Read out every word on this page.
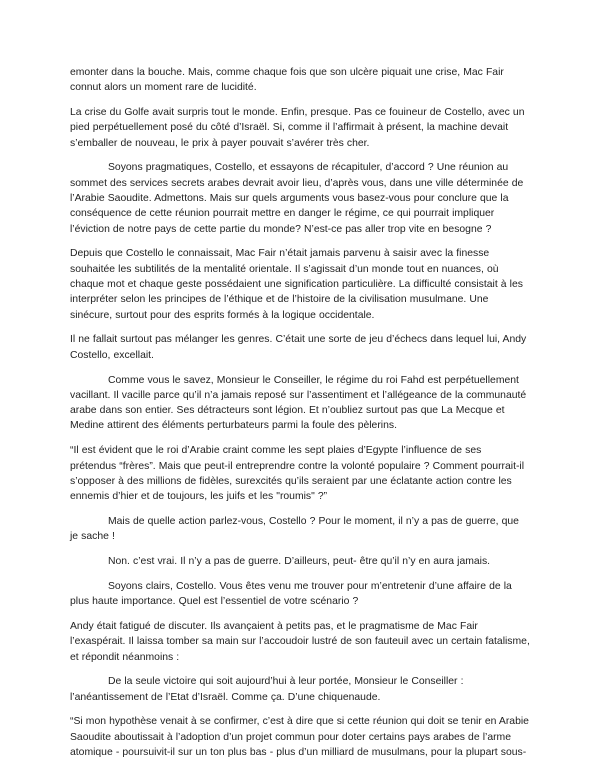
emonter dans la bouche. Mais, comme chaque fois que son ulcère piquait une crise, Mac Fair connut alors un moment rare de lucidité.

La crise du Golfe avait surpris tout le monde. Enfin, presque. Pas ce fouineur de Costello, avec un pied perpétuellement posé du côté d’Israël. Si, comme il l’affirmait à présent, la machine devait s’emballer de nouveau, le prix à payer pouvait s’avérer très cher.

Soyons pragmatiques, Costello, et essayons de récapituler, d’accord ? Une réunion au sommet des services secrets arabes devrait avoir lieu, d’après vous, dans une ville déterminée de l’Arabie Saoudite. Admettons. Mais sur quels arguments vous basez-vous pour conclure que la conséquence de cette réunion pourrait mettre en danger le régime, ce qui pourrait impliquer l’éviction de notre pays de cette partie du monde? N’est-ce pas aller trop vite en besogne ?

Depuis que Costello le connaissait, Mac Fair n’était jamais parvenu à saisir avec la finesse souhaitée les subtilités de la mentalité orientale. Il s’agissait d’un monde tout en nuances, où chaque mot et chaque geste possédaient une signification particulière. La difficulté consistait à les interpréter selon les principes de l’éthique et de l’histoire de la civilisation musulmane. Une sinécure, surtout pour des esprits formés à la logique occidentale.

Il ne fallait surtout pas mélanger les genres. C’était une sorte de jeu d’échecs dans lequel lui, Andy Costello, excellait.

Comme vous le savez, Monsieur le Conseiller, le régime du roi Fahd est perpétuellement vacillant. Il vacille parce qu’il n’a jamais reposé sur l’assentiment et l’allégeance de la communauté arabe dans son entier. Ses détracteurs sont légion. Et n’oubliez surtout pas que La Mecque et Medine attirent des éléments perturbateurs parmi la foule des pèlerins.

“Il est évident que le roi d’Arabie craint comme les sept plaies d’Egypte l’influence de ses prétendus “frères”. Mais que peut-il entreprendre contre la volonté populaire ? Comment pourrait-il s’opposer à des millions de fidèles, surexcités qu’ils seraient par une éclatante action contre les ennemis d’hier et de toujours, les juifs et les "roumis" ?”

Mais de quelle action parlez-vous, Costello ? Pour le moment, il n’y a pas de guerre, que je sache !

Non. c’est vrai. Il n’y a pas de guerre. D’ailleurs, peut- être qu’il n’y en aura jamais.

Soyons clairs, Costello. Vous êtes venu me trouver pour m’entretenir d’une affaire de la plus haute importance. Quel est l’essentiel de votre scénario ?

Andy était fatigué de discuter. Ils avançaient à petits pas, et le pragmatisme de Mac Fair l’exaspérait. Il laissa tomber sa main sur l’accoudoir lustré de son fauteuil avec un certain fatalisme, et répondit néanmoins :

De la seule victoire qui soit aujourd’hui à leur portée, Monsieur le Conseiller : l’anéantissement de l’Etat d’Israël. Comme ça. D’une chiquenaude.

“Si mon hypothèse venait à se confirmer, c’est à dire que si cette réunion qui doit se tenir en Arabie Saoudite aboutissait à l’adoption d’un projet commun pour doter certains pays arabes de l’arme atomique - poursuivit-il sur un ton plus bas - plus d’un milliard de musulmans, pour la plupart sous-
